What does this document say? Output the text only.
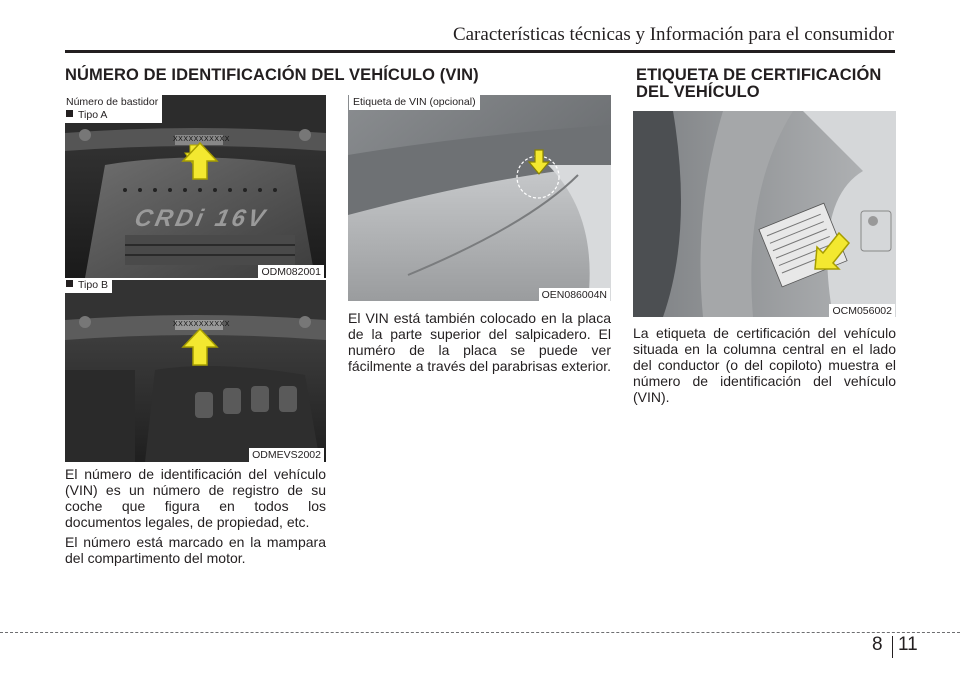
Características técnicas y Información para el consumidor
NÚMERO DE IDENTIFICACIÓN DEL VEHÍCULO (VIN)	ETIQUETA DE CERTIFICACIÓN
DEL VEHÍCULO
CRDi 16V
XXXXXXXXXXX
Número de bastidor
Tipo A
ODM082001
XXXXXXXXXXX
Tipo B
ODMEVS2002
Etiqueta de VIN (opcional)
OEN086004N
OCM056002
El número de identificación del vehículo (VIN) es un número de registro de su coche que figura en todos los documentos legales, de propiedad, etc.
El número está marcado en la mampara del compartimento del motor.
El VIN está también colocado en la placa de la parte superior del salpicadero. El numéro de la placa se puede ver fácilmente a través del parabrisas exterior.
La etiqueta de certificación del vehículo situada en la columna central en el lado del conductor (o del copiloto) muestra el número de identificación del vehículo (VIN).
8 11
